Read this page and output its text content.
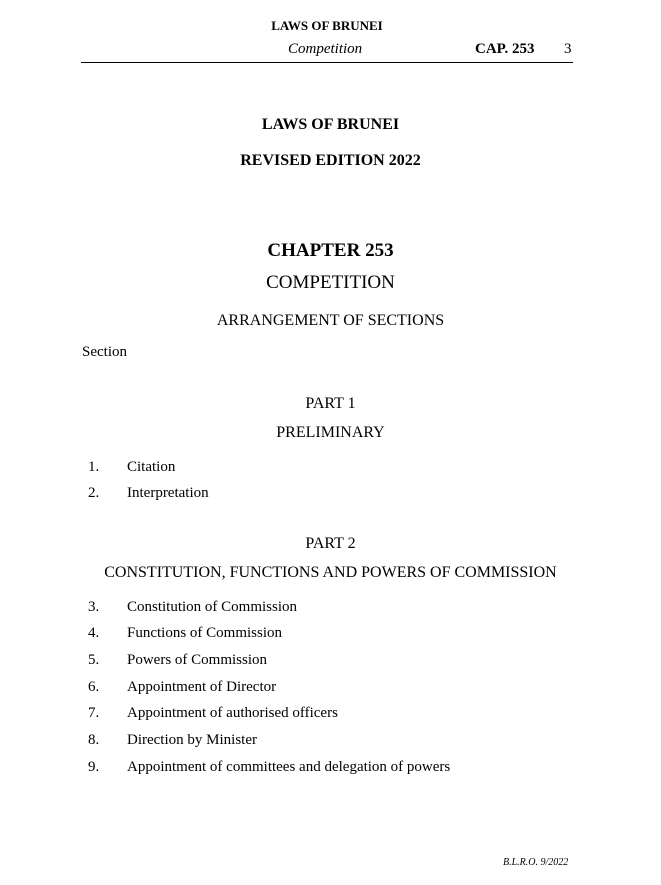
LAWS OF BRUNEI
Competition	CAP. 253 3
LAWS OF BRUNEI
REVISED EDITION 2022
CHAPTER 253
COMPETITION
ARRANGEMENT OF SECTIONS
Section
PART 1
PRELIMINARY
1.	Citation
2.	Interpretation
PART 2
CONSTITUTION, FUNCTIONS AND POWERS OF COMMISSION
3.	Constitution of Commission
4.	Functions of Commission
5.	Powers of Commission
6.	Appointment of Director
7.	Appointment of authorised officers
8.	Direction by Minister
9.	Appointment of committees and delegation of powers
B.L.R.O. 9/2022
